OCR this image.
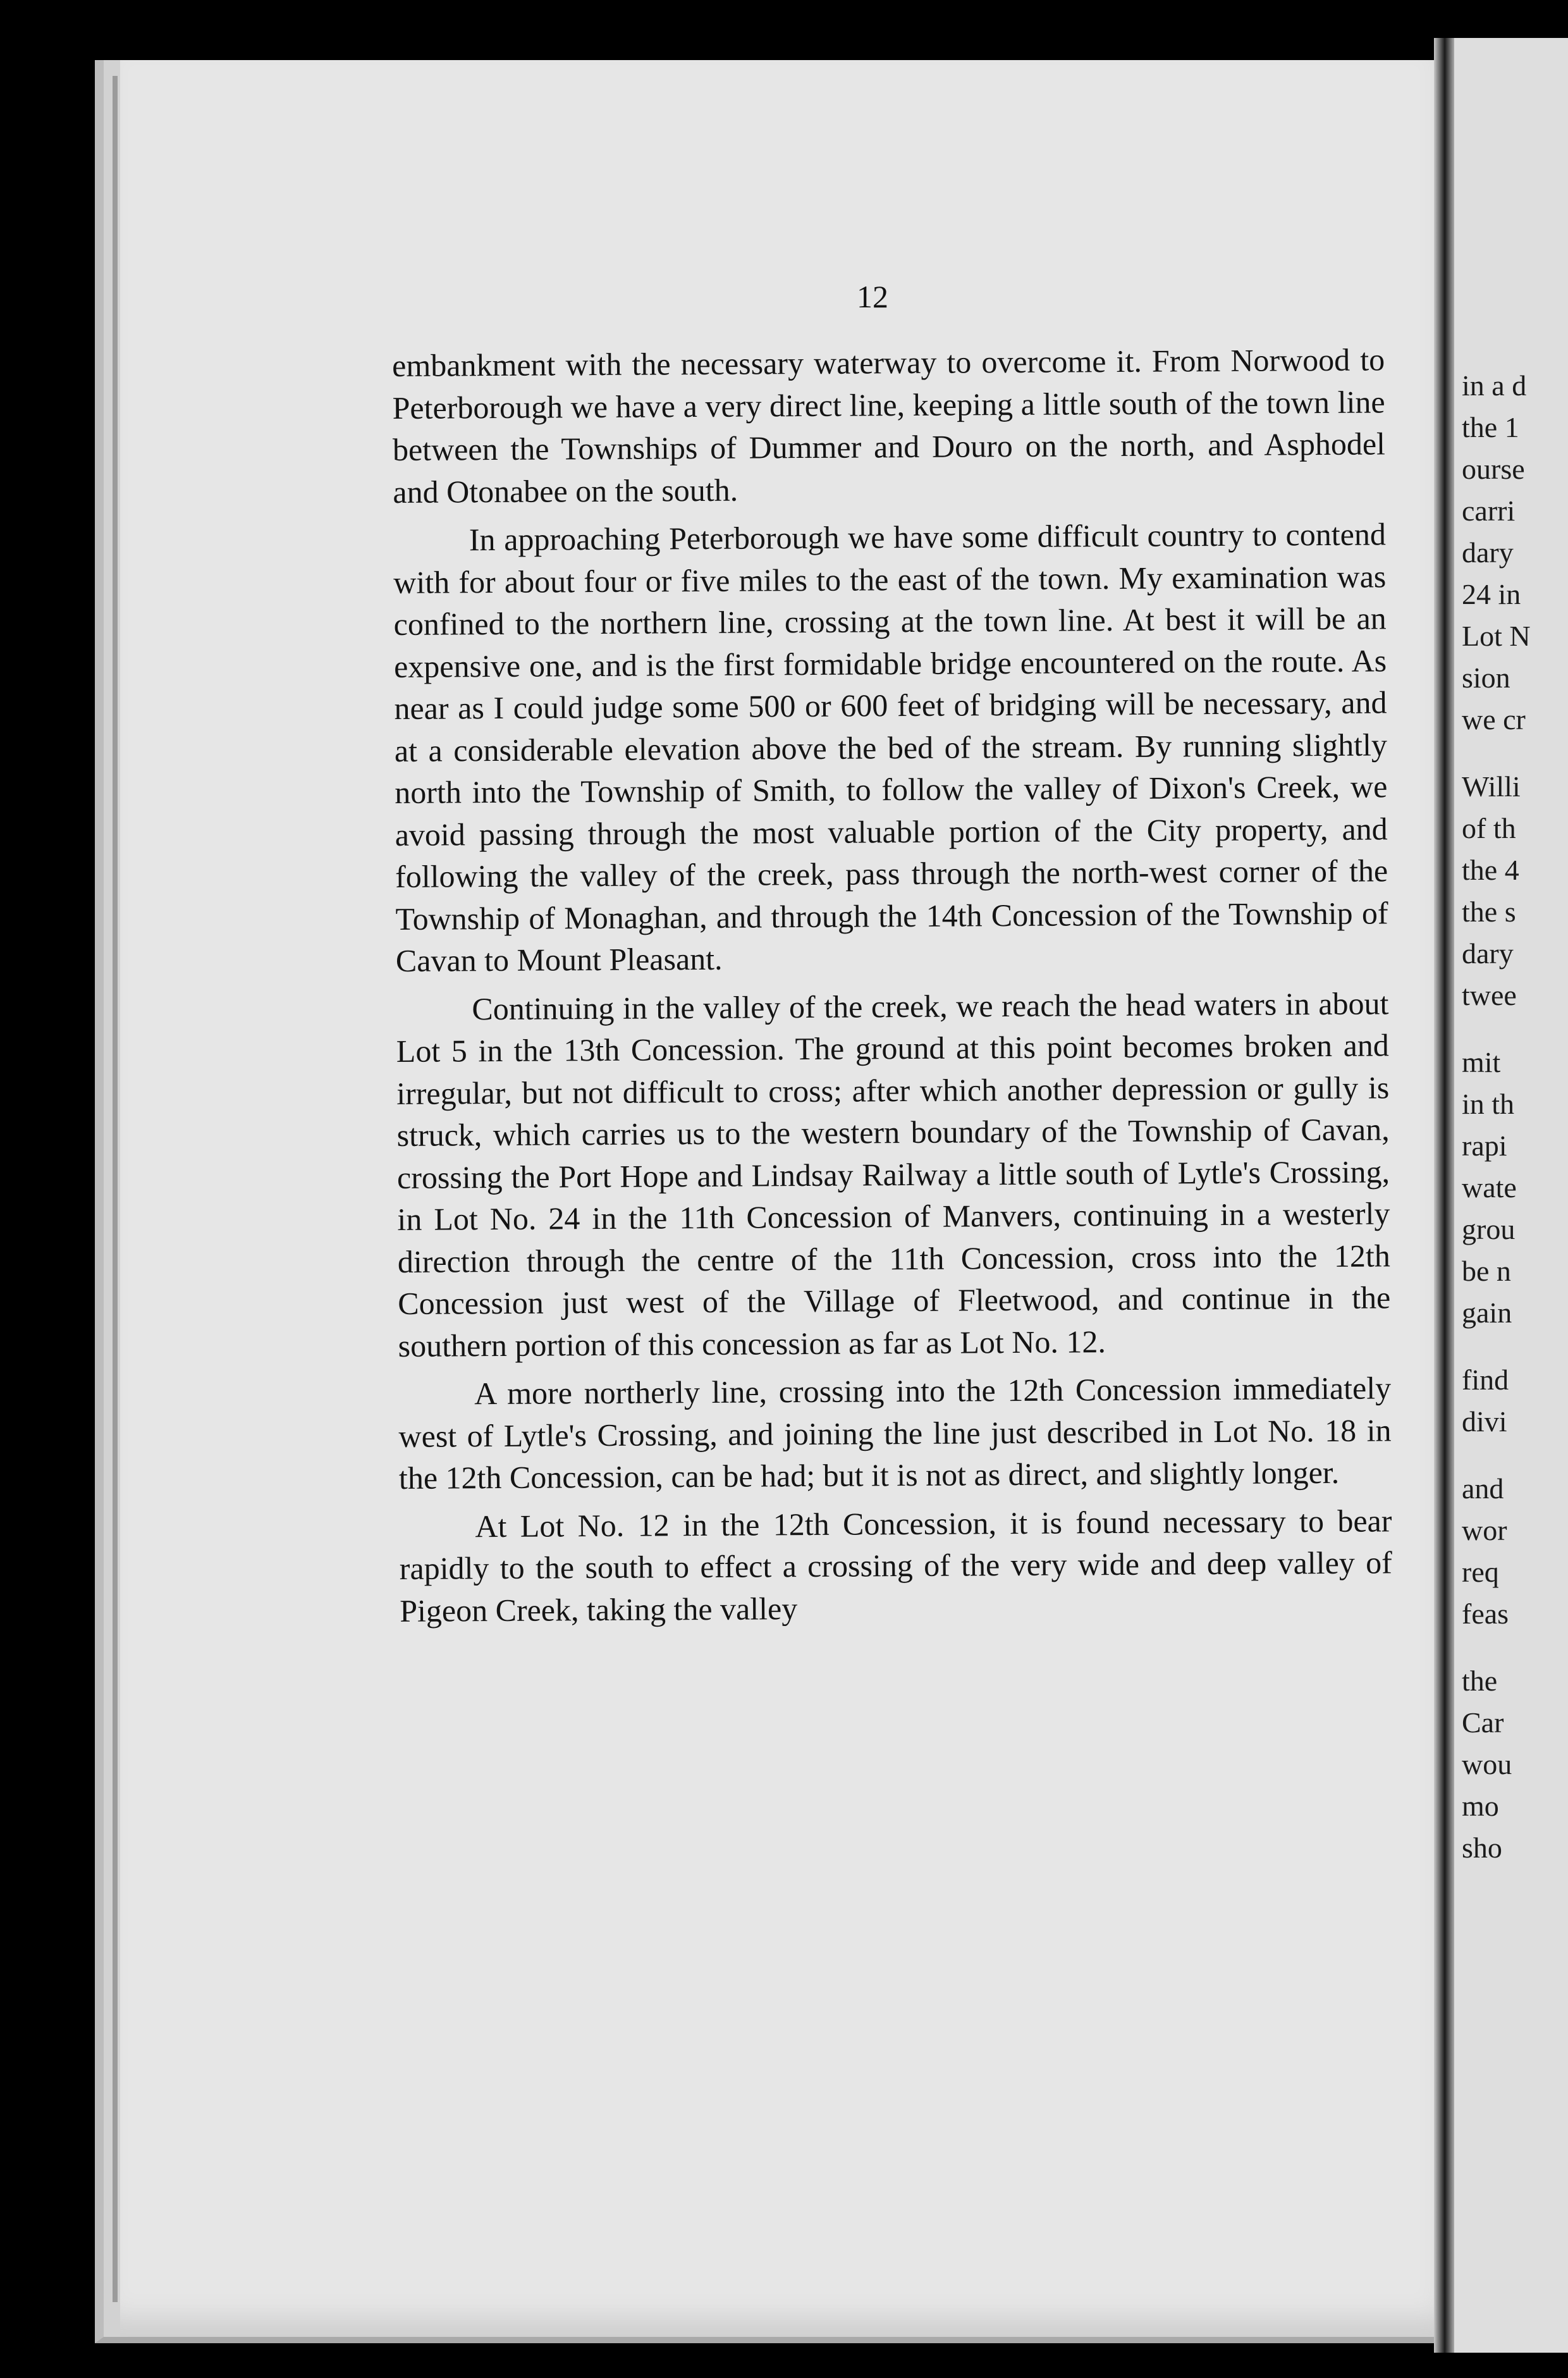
in a d
the 1
ourse
carri
dary
24 in
Lot N
sion
we cr
Willi
of th
the 4
the s
dary
twee
mit
in th
rapi
wate
grou
be n
gain
find
divi
and
wor
req
feas
the
Car
wou
mo
sho
12

embankment with the necessary waterway to overcome it. From Norwood to Peterborough we have a very direct line, keeping a little south of the town line between the Townships of Dummer and Douro on the north, and Asphodel and Otonabee on the south.

In approaching Peterborough we have some difficult country to contend with for about four or five miles to the east of the town. My examination was confined to the northern line, crossing at the town line. At best it will be an expensive one, and is the first formidable bridge encountered on the route. As near as I could judge some 500 or 600 feet of bridging will be necessary, and at a considerable elevation above the bed of the stream. By running slightly north into the Township of Smith, to follow the valley of Dixon's Creek, we avoid passing through the most valuable portion of the City property, and following the valley of the creek, pass through the north-west corner of the Township of Monaghan, and through the 14th Concession of the Township of Cavan to Mount Pleasant.

Continuing in the valley of the creek, we reach the head waters in about Lot 5 in the 13th Concession. The ground at this point becomes broken and irregular, but not difficult to cross; after which another depression or gully is struck, which carries us to the western boundary of the Township of Cavan, crossing the Port Hope and Lindsay Railway a little south of Lytle's Crossing, in Lot No. 24 in the 11th Concession of Manvers, continuing in a westerly direction through the centre of the 11th Concession, cross into the 12th Concession just west of the Village of Fleetwood, and continue in the southern portion of this concession as far as Lot No. 12.

A more northerly line, crossing into the 12th Concession immediately west of Lytle's Crossing, and joining the line just described in Lot No. 18 in the 12th Concession, can be had; but it is not as direct, and slightly longer.

At Lot No. 12 in the 12th Concession, it is found necessary to bear rapidly to the south to effect a crossing of the very wide and deep valley of Pigeon Creek, taking the valley
